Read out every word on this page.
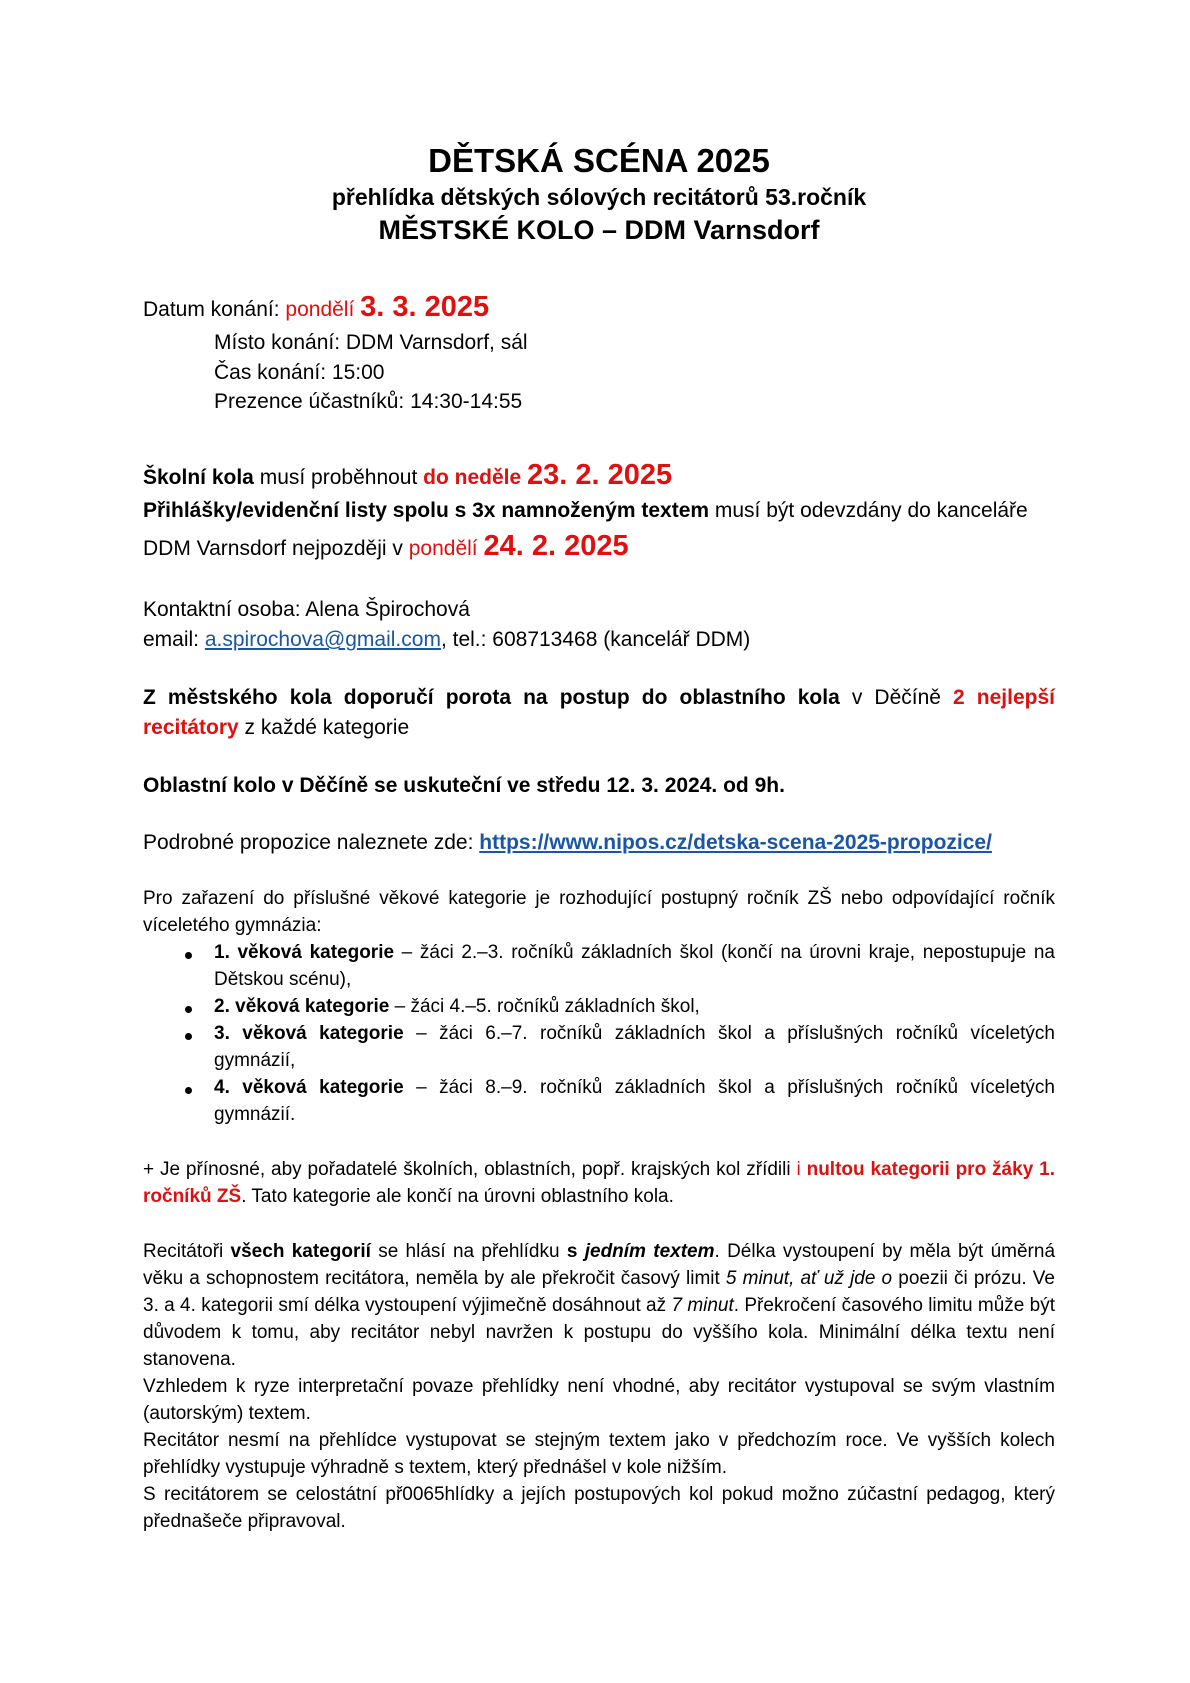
DĚTSKÁ SCÉNA 2025

přehlídka dětských sólových recitátorů 53.ročník

MĚSTSKÉ KOLO – DDM Varnsdorf

Datum konání: pondělí 3. 3. 2025

Místo konání: DDM Varnsdorf, sál

Čas konání: 15:00

Prezence účastníků: 14:30-14:55

Školní kola musí proběhnout do neděle 23. 2. 2025

Přihlášky/evidenční listy spolu s 3x namnoženým textem musí být odevzdány do kanceláře DDM Varnsdorf nejpozději v pondělí 24. 2. 2025

Kontaktní osoba: Alena Špirochová

email: a.spirochova@gmail.com, tel.: 608713468 (kancelář DDM)

Z městského kola doporučí porota na postup do oblastního kola v Děčíně 2 nejlepší recitátory z každé kategorie

Oblastní kolo v Děčíně se uskuteční ve středu 12. 3. 2024. od 9h.

Podrobné propozice naleznete zde: https://www.nipos.cz/detska-scena-2025-propozice/

Pro zařazení do příslušné věkové kategorie je rozhodující postupný ročník ZŠ nebo odpovídající ročník víceletého gymnázia:

1. věková kategorie – žáci 2.–3. ročníků základních škol (končí na úrovni kraje, nepostupuje na Dětskou scénu),
2. věková kategorie – žáci 4.–5. ročníků základních škol,
3. věková kategorie – žáci 6.–7. ročníků základních škol a příslušných ročníků víceletých gymnázií,
4. věková kategorie – žáci 8.–9. ročníků základních škol a příslušných ročníků víceletých gymnázií.

+ Je přínosné, aby pořadatelé školních, oblastních, popř. krajských kol zřídili i nultou kategorii pro žáky 1. ročníků ZŠ. Tato kategorie ale končí na úrovni oblastního kola.

Recitátoři všech kategorií se hlásí na přehlídku s jedním textem. Délka vystoupení by měla být úměrná věku a schopnostem recitátora, neměla by ale překročit časový limit 5 minut, ať už jde o poezii či prózu. Ve 3. a 4. kategorii smí délka vystoupení výjimečně dosáhnout až 7 minut. Překročení časového limitu může být důvodem k tomu, aby recitátor nebyl navržen k postupu do vyššího kola. Minimální délka textu není stanovena.

Vzhledem k ryze interpretační povaze přehlídky není vhodné, aby recitátor vystupoval se svým vlastním (autorským) textem.

Recitátor nesmí na přehlídce vystupovat se stejným textem jako v předchozím roce. Ve vyšších kolech přehlídky vystupuje výhradně s textem, který přednášel v kole nižším.

S recitátorem se celostátní př0065hlídky a jejích postupových kol pokud možno zúčastní pedagog, který přednašeče připravoval.
